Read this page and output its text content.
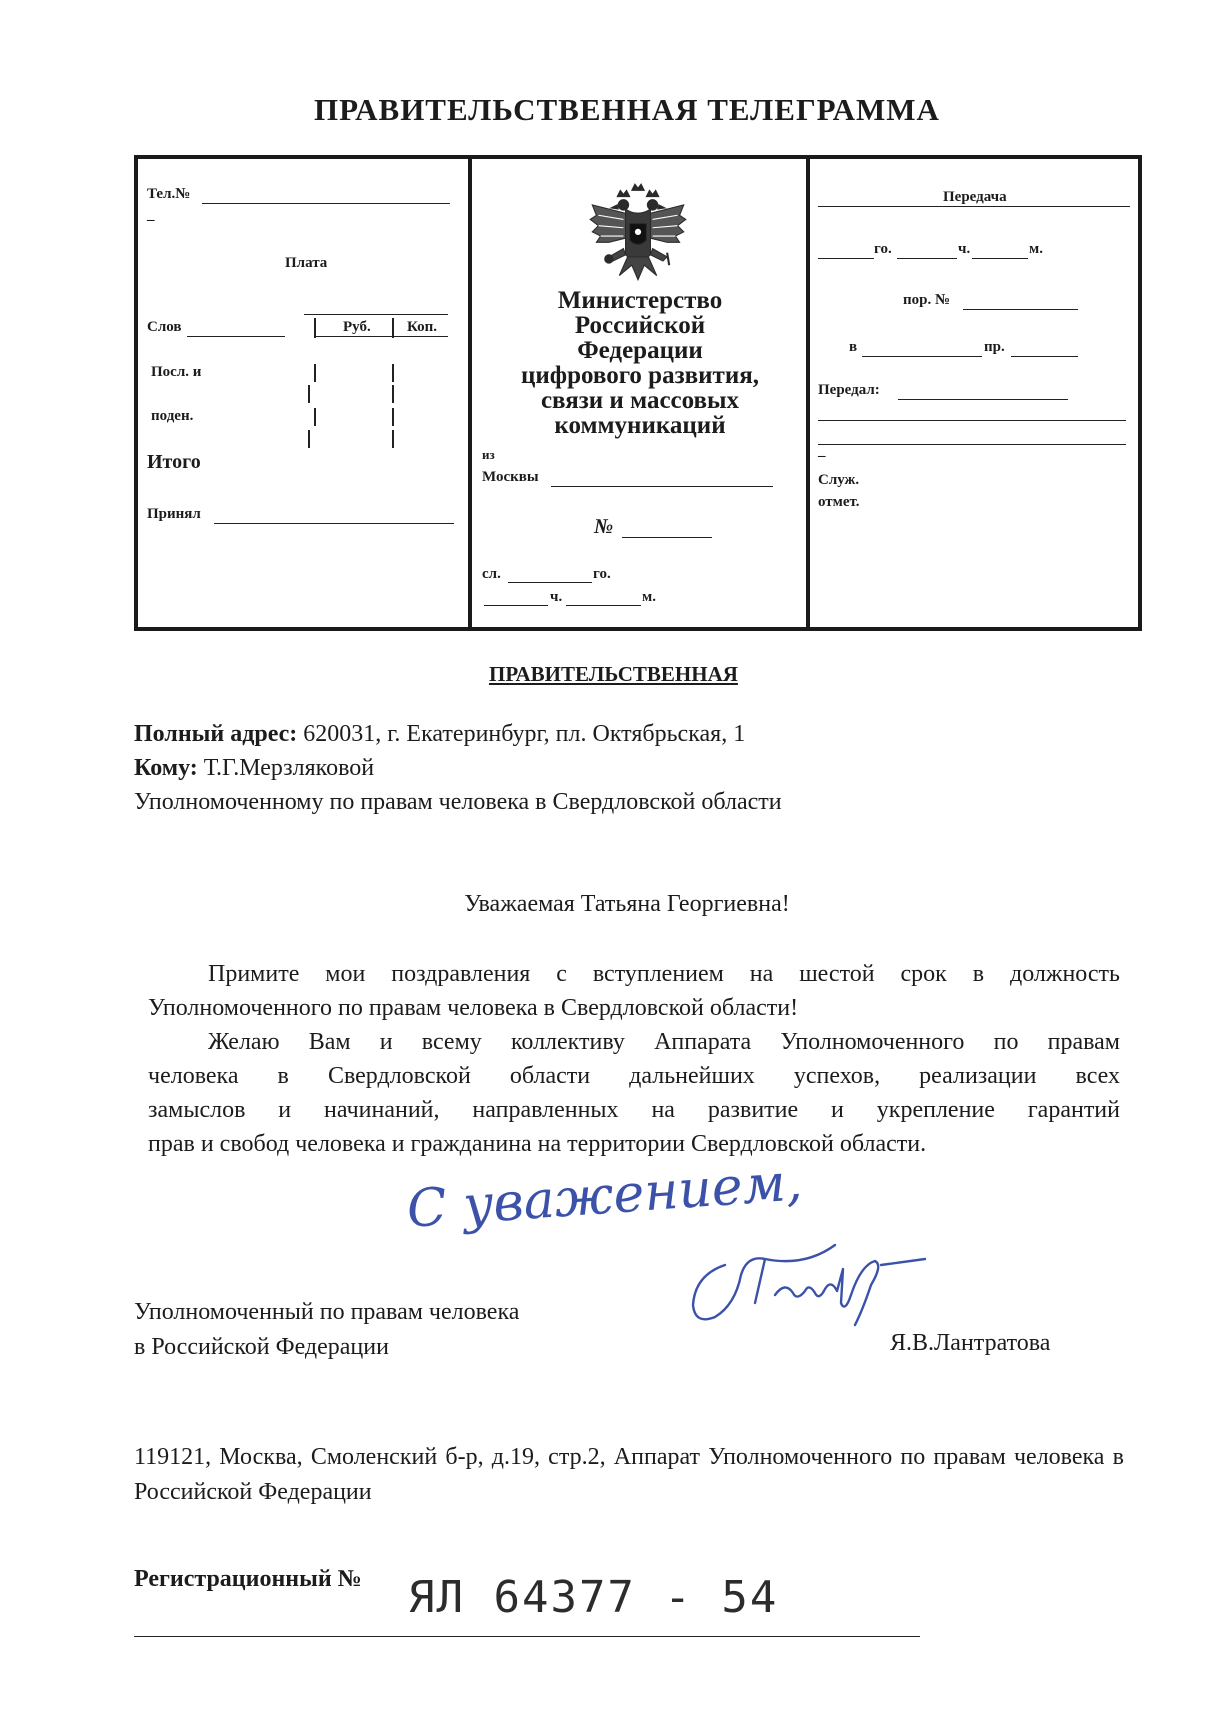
ПРАВИТЕЛЬСТВЕННАЯ ТЕЛЕГРАММА
Тел.№
–
Плата
Слов	Руб. Коп.
Посл. и
поден.
Итого
Принял
Министерство
Российской
Федерации
цифрового развития,
связи и массовых
коммуникаций
из
Москвы
№
сл.	го.
ч.	м.
Передача
го.	ч.	м.
пор. №
в	пр.
Передал:
–
Служ.
отмет.
ПРАВИТЕЛЬСТВЕННАЯ
Полный адрес: 620031, г. Екатеринбург, пл. Октябрьская, 1
Кому: Т.Г.Мерзляковой
Уполномоченному по правам человека в Свердловской области
Уважаемая Татьяна Георгиевна!
Примите мои поздравления с вступлением на шестой срок в должность
Уполномоченного по правам человека в Свердловской области!
Желаю Вам и всему коллективу Аппарата Уполномоченного по правам
человека в Свердловской области дальнейших успехов, реализации всех
замыслов и начинаний, направленных на развитие и укрепление гарантий
прав и свобод человека и гражданина на территории Свердловской области.
С уважением,
Уполномоченный по правам человека
в Российской Федерации	Я.В.Лантратова
119121, Москва, Смоленский б-р, д.19, стр.2, Аппарат Уполномоченного по правам человека в Российской Федерации
Регистрационный № ЯЛ 64377 - 54
